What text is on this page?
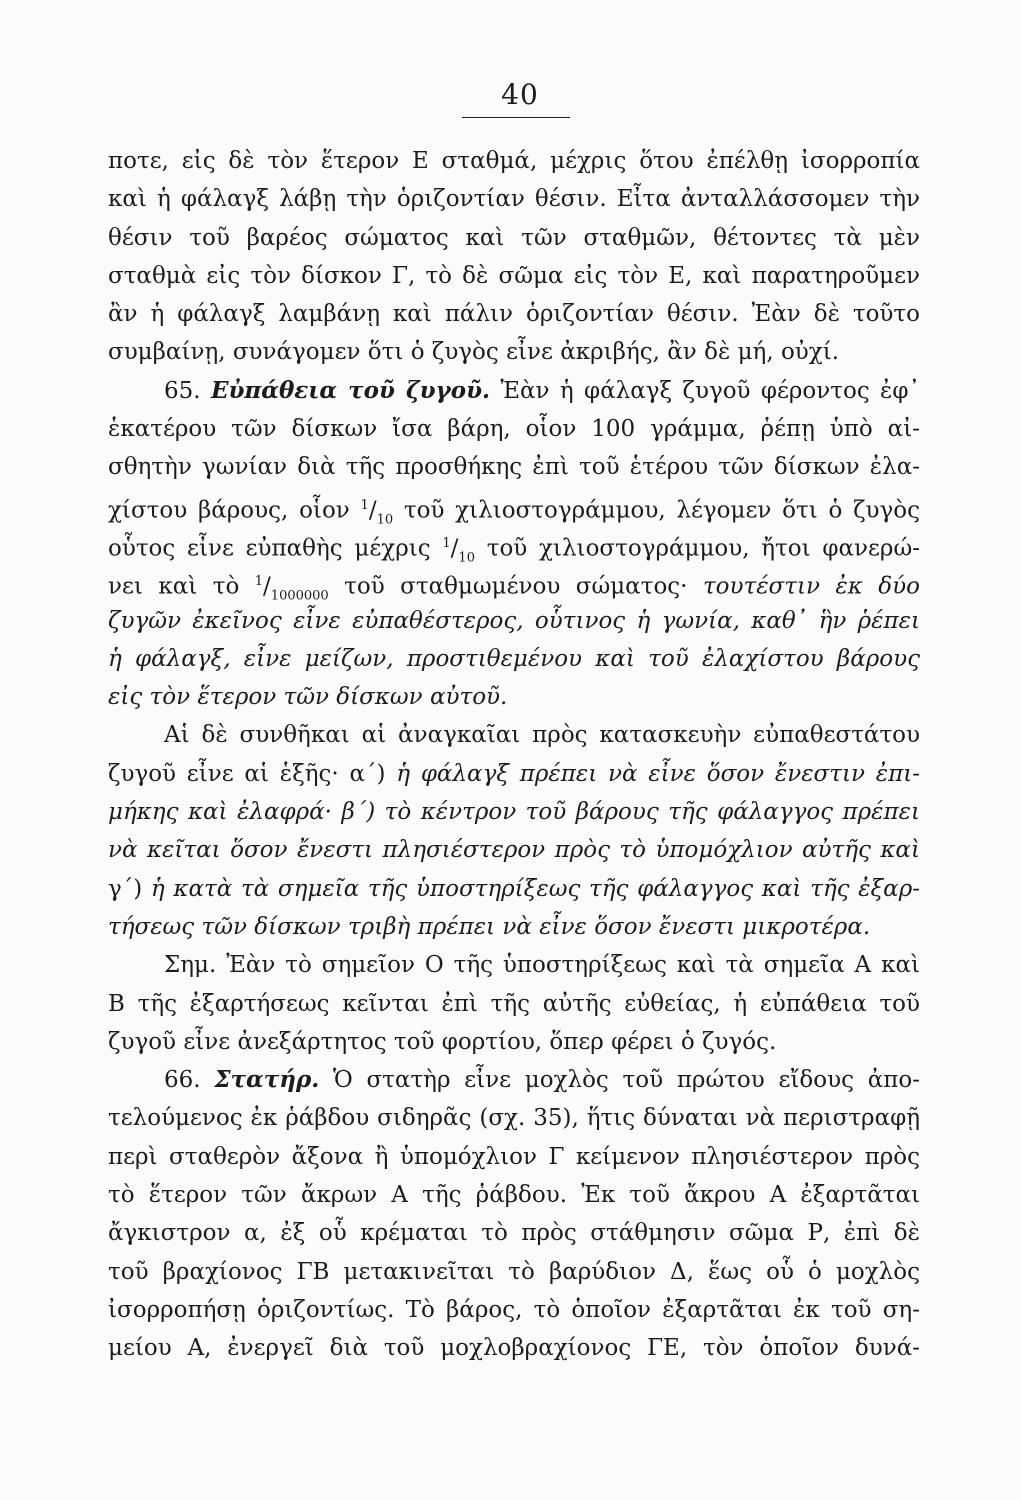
40
ποτε, εἰς δὲ τὸν ἕτερον Ε σταθμά, μέχρις ὅτου ἐπέλθῃ ἰσορροπία
καὶ ἡ φάλαγξ λάβῃ τὴν ὁριζοντίαν θέσιν. Εἶτα ἀνταλλάσσομεν τὴν
θέσιν τοῦ βαρέος σώματος καὶ τῶν σταθμῶν, θέτοντες τὰ μὲν
σταθμὰ εἰς τὸν δίσκον Γ, τὸ δὲ σῶμα εἰς τὸν Ε, καὶ παρατηροῦμεν
ἂν ἡ φάλαγξ λαμβάνῃ καὶ πάλιν ὁριζοντίαν θέσιν. Ἐὰν δὲ τοῦτο
συμβαίνῃ, συνάγομεν ὅτι ὁ ζυγὸς εἶνε ἀκριβής, ἂν δὲ μή, οὐχί.
65. Εὐπάθεια τοῦ ζυγοῦ. Ἐὰν ἡ φάλαγξ ζυγοῦ φέροντος ἐφ᾿
ἑκατέρου τῶν δίσκων ἴσα βάρη, οἷον 100 γράμμα, ῥέπῃ ὑπὸ αἰ-
σθητὴν γωνίαν διὰ τῆς προσθήκης ἐπὶ τοῦ ἑτέρου τῶν δίσκων ἐλα-
χίστου βάρους, οἷον $^1/_{10}$ τοῦ χιλιοστογράμμου, λέγομεν ὅτι ὁ ζυγὸς
οὗτος εἶνε εὐπαθὴς μέχρις $^1/_{10}$ τοῦ χιλιοστογράμμου, ἤτοι φανερώ-
νει καὶ τὸ $^1/_{1000000}$ τοῦ σταθμωμένου σώματος· τουτέστιν ἐκ δύο
ζυγῶν ἐκεῖνος εἶνε εὐπαθέστερος, οὗτινος ἡ γωνία, καθ᾿ ἣν ῥέπει
ἡ φάλαγξ, εἶνε μείζων, προστιθεμένου καὶ τοῦ ἐλαχίστου βάρους
εἰς τὸν ἕτερον τῶν δίσκων αὐτοῦ.
Αἱ δὲ συνθῆκαι αἱ ἀναγκαῖαι πρὸς κατασκευὴν εὐπαθεστάτου
ζυγοῦ εἶνε αἱ ἑξῆς· α΄) ἡ φάλαγξ πρέπει νὰ εἶνε ὅσον ἔνεστιν ἐπι-
μήκης καὶ ἐλαφρά· β΄) τὸ κέντρον τοῦ βάρους τῆς φάλαγγος πρέπει
νὰ κεῖται ὅσον ἔνεστι πλησιέστερον πρὸς τὸ ὑπομόχλιον αὐτῆς καὶ
γ΄) ἡ κατὰ τὰ σημεῖα τῆς ὑποστηρίξεως τῆς φάλαγγος καὶ τῆς ἐξαρ-
τήσεως τῶν δίσκων τριβὴ πρέπει νὰ εἶνε ὅσον ἔνεστι μικροτέρα.
Σημ. Ἐὰν τὸ σημεῖον Ο τῆς ὑποστηρίξεως καὶ τὰ σημεῖα Α καὶ
Β τῆς ἐξαρτήσεως κεῖνται ἐπὶ τῆς αὐτῆς εὐθείας, ἡ εὐπάθεια τοῦ
ζυγοῦ εἶνε ἀνεξάρτητος τοῦ φορτίου, ὅπερ φέρει ὁ ζυγός.
66. Στατήρ. Ὁ στατὴρ εἶνε μοχλὸς τοῦ πρώτου εἴδους ἀπο-
τελούμενος ἐκ ῥάβδου σιδηρᾶς (σχ. 35), ἥτις δύναται νὰ περιστραφῇ
περὶ σταθερὸν ἄξονα ἢ ὑπομόχλιον Γ κείμενον πλησιέστερον πρὸς
τὸ ἕτερον τῶν ἄκρων Α τῆς ῥάβδου. Ἐκ τοῦ ἄκρου Α ἐξαρτᾶται
ἄγκιστρον α, ἐξ οὗ κρέμαται τὸ πρὸς στάθμησιν σῶμα Ρ, ἐπὶ δὲ
τοῦ βραχίονος ΓΒ μετακινεῖται τὸ βαρύδιον Δ, ἕως οὗ ὁ μοχλὸς
ἰσορροπήσῃ ὁριζοντίως. Τὸ βάρος, τὸ ὁποῖον ἐξαρτᾶται ἐκ τοῦ ση-
μείου Α, ἐνεργεῖ διὰ τοῦ μοχλοβραχίονος ΓΕ, τὸν ὁποῖον δυνά-
